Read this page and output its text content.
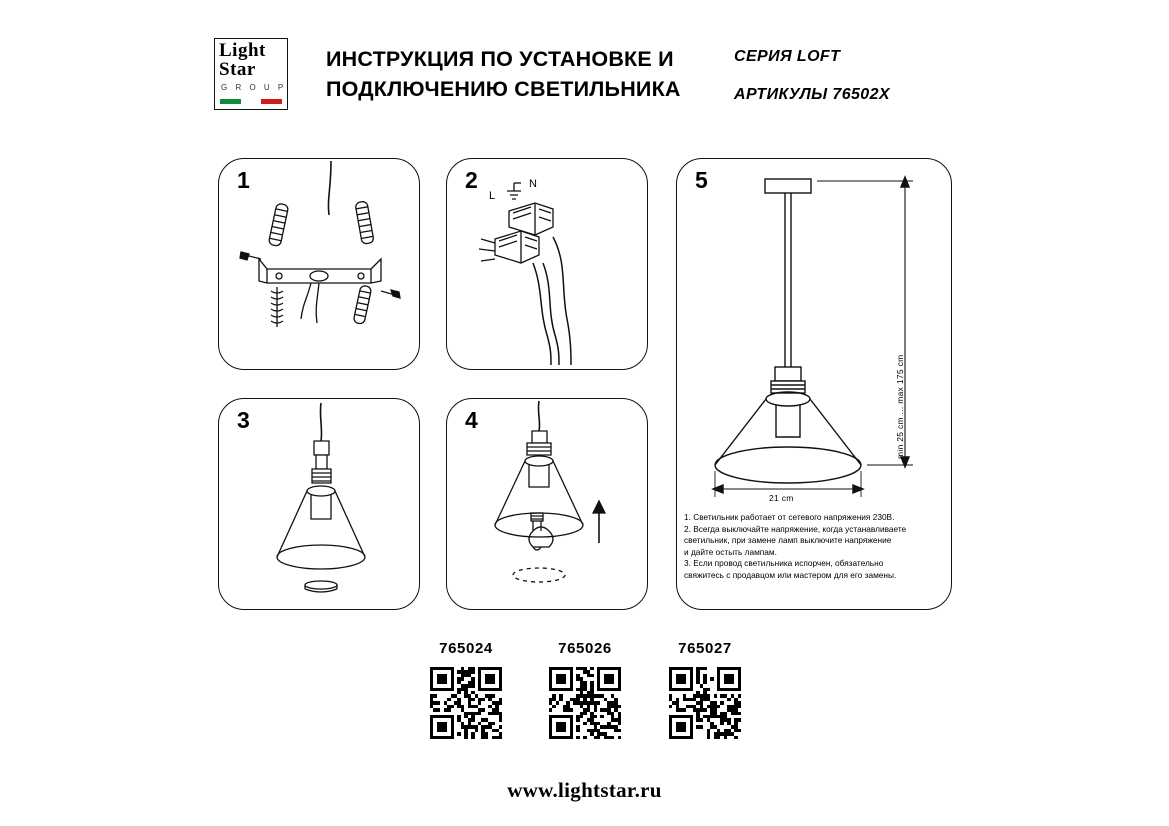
Light
Star
G R O U P
ИНСТРУКЦИЯ ПО УСТАНОВКЕ И
ПОДКЛЮЧЕНИЮ СВЕТИЛЬНИКА
СЕРИЯ LOFT
АРТИКУЛЫ 76502X
1	2
L
N
3	4
5
min 25 cm ... max 175 cm
21 cm

1. Светильник работает от сетевого напряжения 230В.

2. Всегда выключайте напряжение, когда устанавливаете

светильник, при замене ламп выключите напряжение

и дайте остыть лампам.

3. Если провод светильника испорчен, обязательно

свяжитесь с продавцом или мастером для его замены.

765024	765026	765027
www.lightstar.ru
